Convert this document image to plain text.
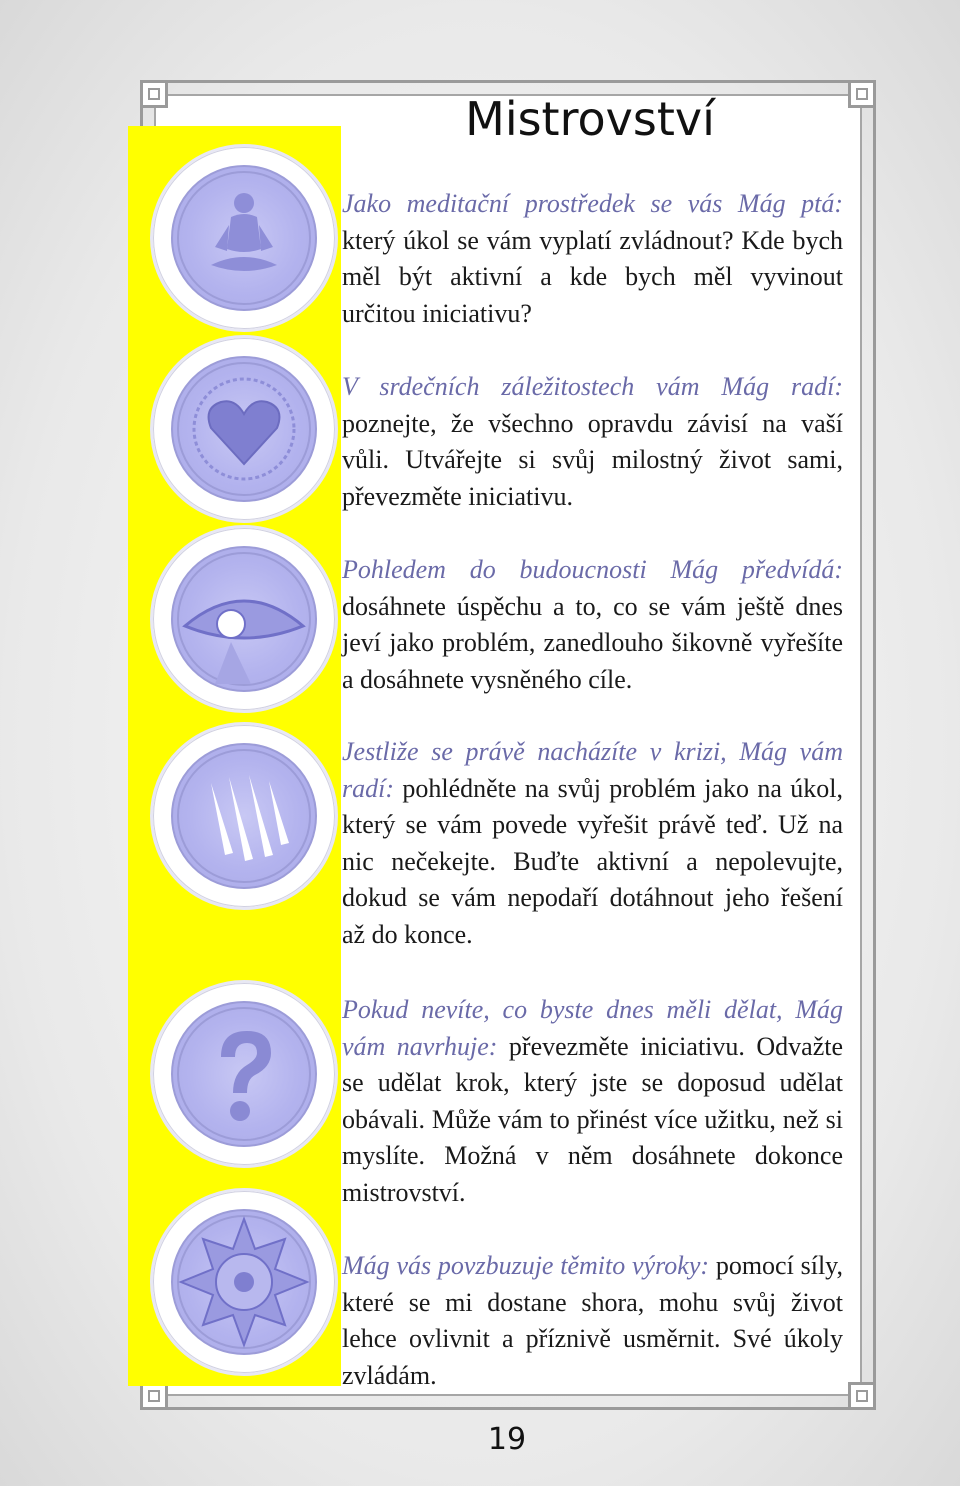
Mistrovství

Jako meditační prostředek se vás Mág ptá: který úkol se vám vyplatí zvládnout? Kde bych měl být aktivní a kde bych měl vyvinout určitou iniciativu?

V srdečních záležitostech vám Mág radí: poznejte, že všechno opravdu závisí na vaší vůli. Utvářejte si svůj milostný život sami, převezměte iniciativu.

Pohledem do budoucnosti Mág předvídá: dosáhnete úspěchu a to, co se vám ještě dnes jeví jako problém, zanedlouho šikovně vyřešíte a dosáhnete vysněného cíle.

Jestliže se právě nacházíte v krizi, Mág vám radí: pohlédněte na svůj problém jako na úkol, který se vám povede vyřešit právě teď. Už na nic nečekejte. Buďte aktivní a nepolevujte, dokud se vám nepodaří dotáhnout jeho řešení až do konce.

Pokud nevíte, co byste dnes měli dělat, Mág vám navrhuje: převezměte iniciativu. Odvažte se udělat krok, který jste se doposud udělat obávali. Může vám to přinést více užitku, než si myslíte. Možná v něm dosáhnete dokonce mistrovství.

Mág vás povzbuzuje těmito výroky: pomocí síly, které se mi dostane shora, mohu svůj život lehce ovlivnit a příznivě usměrnit. Své úkoly zvládám.

19
